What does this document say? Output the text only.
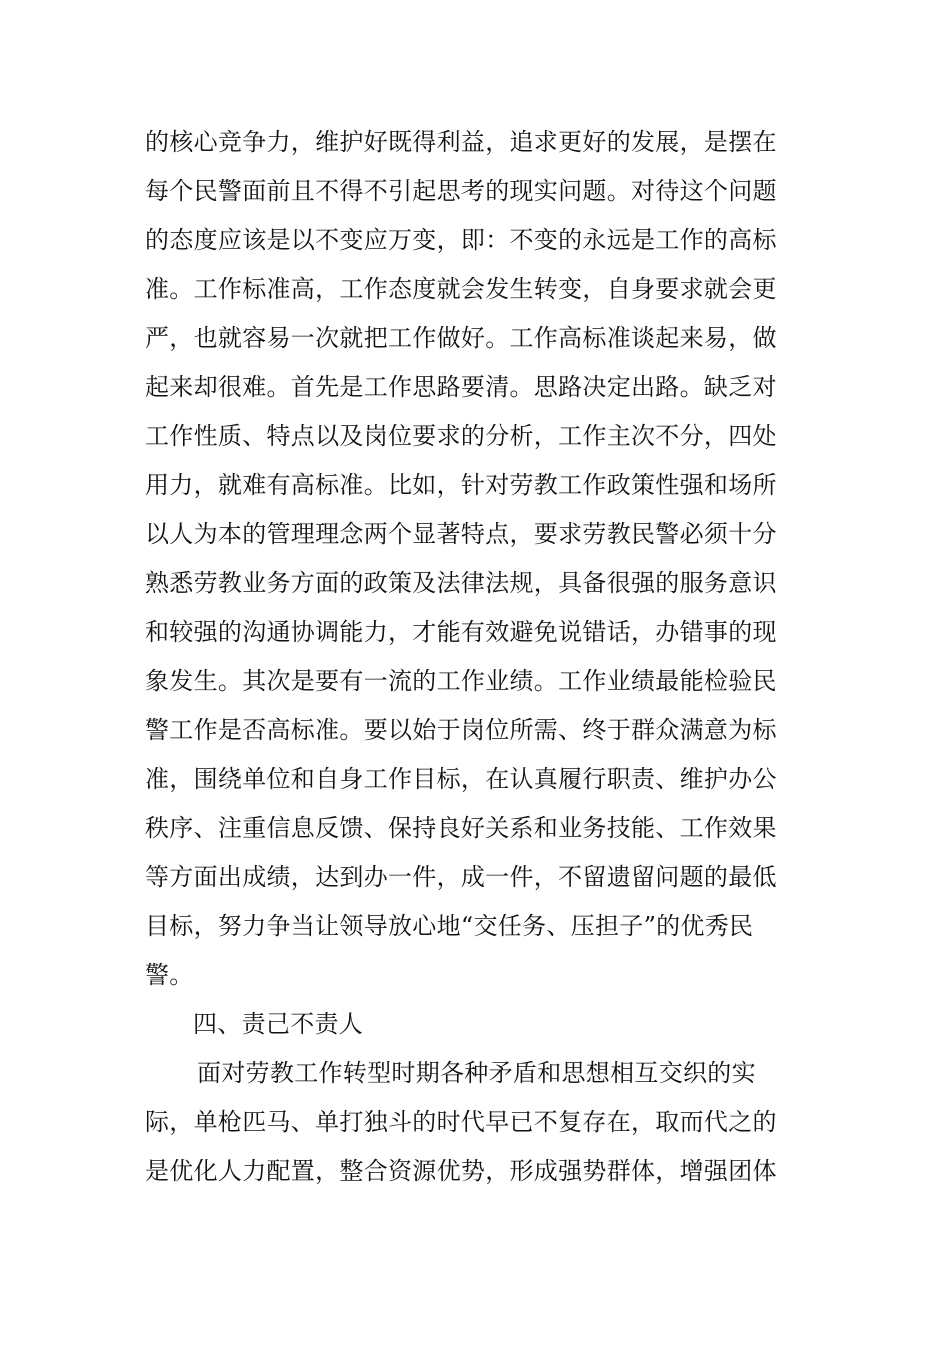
的核心竞争力，维护好既得利益，追求更好的发展，是摆在
每个民警面前且不得不引起思考的现实问题。对待这个问题
的态度应该是以不变应万变，即：不变的永远是工作的高标
准。工作标准高，工作态度就会发生转变，自身要求就会更
严，也就容易一次就把工作做好。工作高标准谈起来易，做
起来却很难。首先是工作思路要清。思路决定出路。缺乏对
工作性质、特点以及岗位要求的分析，工作主次不分，四处
用力，就难有高标准。比如，针对劳教工作政策性强和场所
以人为本的管理理念两个显著特点，要求劳教民警必须十分
熟悉劳教业务方面的政策及法律法规，具备很强的服务意识
和较强的沟通协调能力，才能有效避免说错话，办错事的现
象发生。其次是要有一流的工作业绩。工作业绩最能检验民
警工作是否高标准。要以始于岗位所需、终于群众满意为标
准，围绕单位和自身工作目标，在认真履行职责、维护办公
秩序、注重信息反馈、保持良好关系和业务技能、工作效果
等方面出成绩，达到办一件，成一件，不留遗留问题的最低
目标，努力争当让领导放心地“交任务、压担子”的优秀民
警。
四、责己不责人
面对劳教工作转型时期各种矛盾和思想相互交织的实
际，单枪匹马、单打独斗的时代早已不复存在，取而代之的
是优化人力配置，整合资源优势，形成强势群体，增强团体
